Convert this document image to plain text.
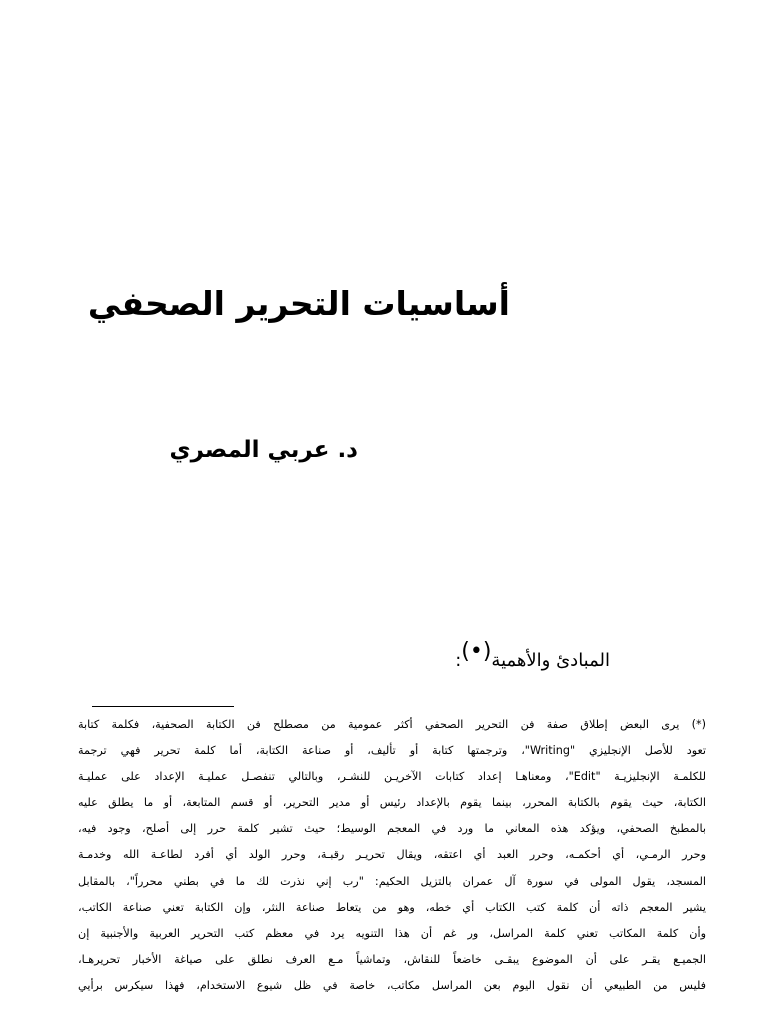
أساسيات التحرير الصحفي
د. عربي المصري
المبادئ والأهمية(•):
(*) يرى البعض إطلاق صفة فن التحرير الصحفي أكثر عمومية من مصطلح فن الكتابة الصحفية، فكلمة كتابة
تعود للأصل الإنجليزي "Writing"، وترجمتها كتابة أو تأليف، أو صناعة الكتابة، أما كلمة تحرير فهي ترجمة
للكلمـة الإنجليزيـة "Edit"، ومعناهـا إعداد كتابات الآخريـن للنشـر، وبالتالي تنفصـل عمليـة الإعداد على عمليـة
الكتابة، حيث يقوم بالكتابة المحرر، بينما يقوم بالإعداد رئيس أو مدير التحرير، أو قسم المتابعة، أو ما يطلق عليه
بالمطبخ الصحفي، ويؤكد هذه المعاني ما ورد في المعجم الوسيط؛ حيث تشير كلمة حرر إلى أصلح، وجود فيه،
وحرر الرمـي، أي أحكمـه، وحرر العبد أي اعتقه، ويقال تحريـر رقبـة، وحرر الولد أي أفرد لطاعـة الله وخدمـة
المسجد، يقول المولى في سورة آل عمران بالتزيل الحكيم: "رب إني نذرت لك ما في بطني محرراً"، بالمقابل
يشير المعجم ذاته أن كلمة كتب الكتاب أي خطه، وهو من يتعاط صناعة النثر، وإن الكتابة تعني صناعة الكاتب،
وأن كلمة المكاتب تعني كلمة المراسل، ور غم أن هذا التنويه يرد في معظم كتب التحرير العربية والأجنبية إن
الجميـع يقـر على أن الموضوع يبقـى خاضعاً للنقاش، وتماشياً مـع العرف نطلق على صياغة الأخبار تحريرهـا،
فليس من الطبيعي أن نقول اليوم بعن المراسل مكاتب، خاصة في ظل شيوع الاستخدام، فهذا سيكرس برأيي
